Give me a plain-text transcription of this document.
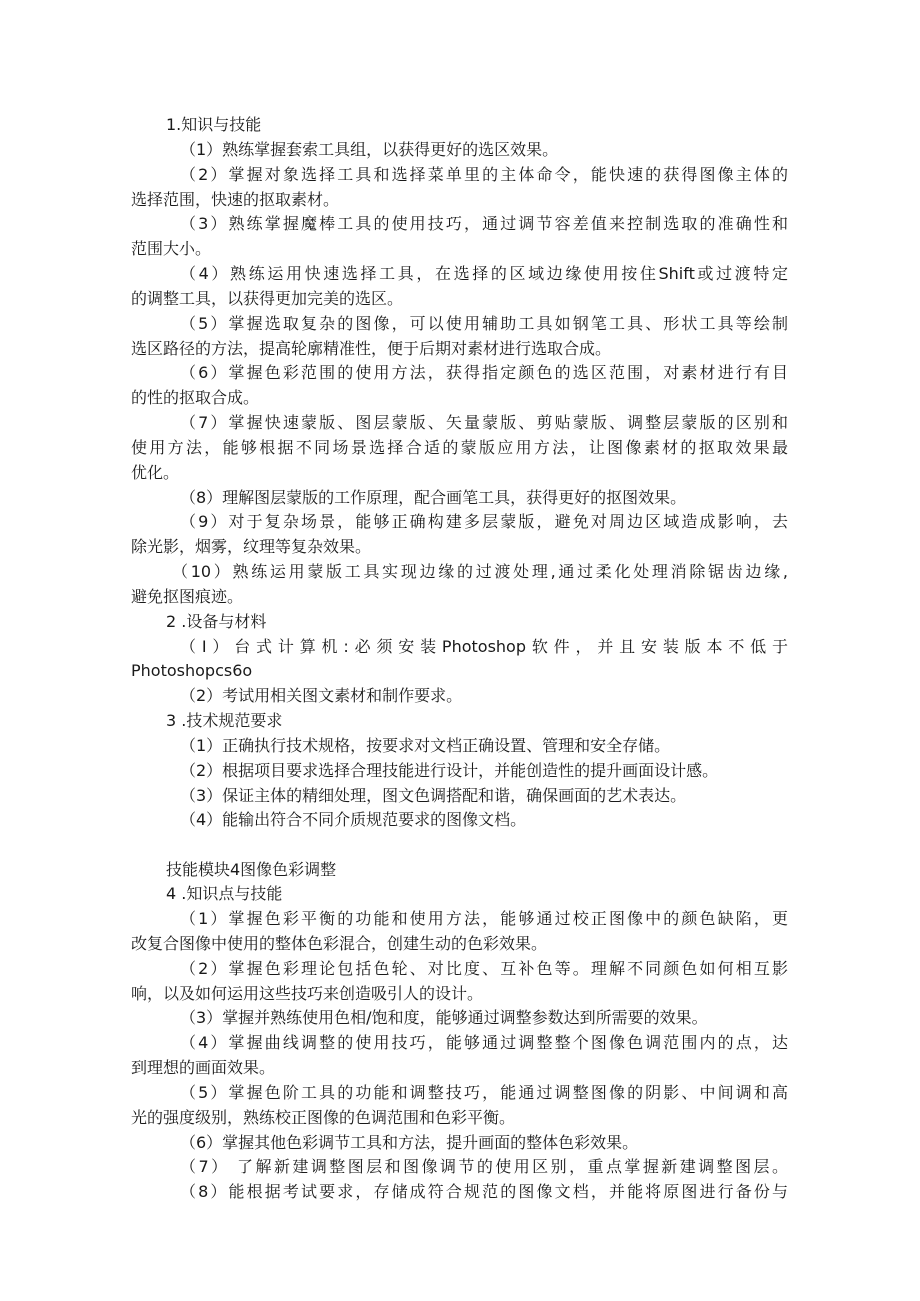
1.知识与技能
（1）熟练掌握套索工具组，以获得更好的选区效果。
（2）掌握对象选择工具和选择菜单里的主体命令，能快速的获得图像主体的
选择范围，快速的抠取素材。
（3）熟练掌握魔棒工具的使用技巧，通过调节容差值来控制选取的准确性和
范围大小。
（4）熟练运用快速选择工具，在选择的区域边缘使用按住Shift或过渡特定
的调整工具，以获得更加完美的选区。
（5）掌握选取复杂的图像，可以使用辅助工具如钢笔工具、形状工具等绘制
选区路径的方法，提高轮廓精准性，便于后期对素材进行选取合成。
（6）掌握色彩范围的使用方法，获得指定颜色的选区范围，对素材进行有目
的性的抠取合成。
（7）掌握快速蒙版、图层蒙版、矢量蒙版、剪贴蒙版、调整层蒙版的区别和
使用方法，能够根据不同场景选择合适的蒙版应用方法，让图像素材的抠取效果最
优化。
（8）理解图层蒙版的工作原理，配合画笔工具，获得更好的抠图效果。
（9）对于复杂场景，能够正确构建多层蒙版，避免对周边区域造成影响，去
除光影，烟雾，纹理等复杂效果。
（10）熟练运用蒙版工具实现边缘的过渡处理,通过柔化处理消除锯齿边缘,
避免抠图痕迹。
2 .设备与材料
（I）台式计算机:必须安装Photoshop软件，并且安装版本不低于
Photoshopcs6o
（2）考试用相关图文素材和制作要求。
3 .技术规范要求
（1）正确执行技术规格，按要求对文档正确设置、管理和安全存储。
（2）根据项目要求选择合理技能进行设计，并能创造性的提升画面设计感。
（3）保证主体的精细处理，图文色调搭配和谐，确保画面的艺术表达。
（4）能输出符合不同介质规范要求的图像文档。
技能模块4图像色彩调整
4 .知识点与技能
（1）掌握色彩平衡的功能和使用方法，能够通过校正图像中的颜色缺陷，更
改复合图像中使用的整体色彩混合，创建生动的色彩效果。
（2）掌握色彩理论包括色轮、对比度、互补色等。理解不同颜色如何相互影
响，以及如何运用这些技巧来创造吸引人的设计。
（3）掌握并熟练使用色相/饱和度，能够通过调整参数达到所需要的效果。
（4）掌握曲线调整的使用技巧，能够通过调整整个图像色调范围内的点，达
到理想的画面效果。
（5）掌握色阶工具的功能和调整技巧，能通过调整图像的阴影、中间调和高
光的强度级别，熟练校正图像的色调范围和色彩平衡。
（6）掌握其他色彩调节工具和方法，提升画面的整体色彩效果。
（7） 了解新建调整图层和图像调节的使用区别，重点掌握新建调整图层。
（8）能根据考试要求，存储成符合规范的图像文档，并能将原图进行备份与
